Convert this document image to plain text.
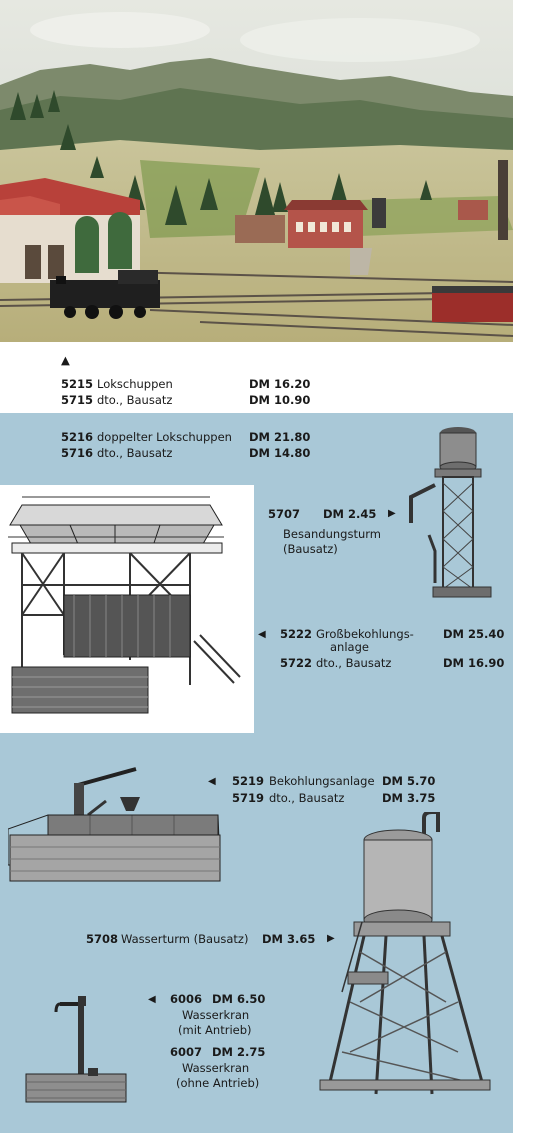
▲
5215 Lokschuppen	DM 16.20
5715 dto., Bausatz	DM 10.90
5216 doppelter Lokschuppen DM 21.80
5716 dto., Bausatz	DM 14.80
5707 DM 2.45 ▶
Besandungsturm
(Bausatz)
◀ 5222 Großbekohlungs-
anlage
DM 25.40
5722 dto., Bausatz	DM 16.90
◀ 5219 Bekohlungsanlage DM 5.70
5719 dto., Bausatz	DM 3.75
5708 Wasserturm (Bausatz) DM 3.65 ▶
◀ 6006 DM 6.50
Wasserkran
(mit Antrieb)
6007 DM 2.75
Wasserkran
(ohne Antrieb)
